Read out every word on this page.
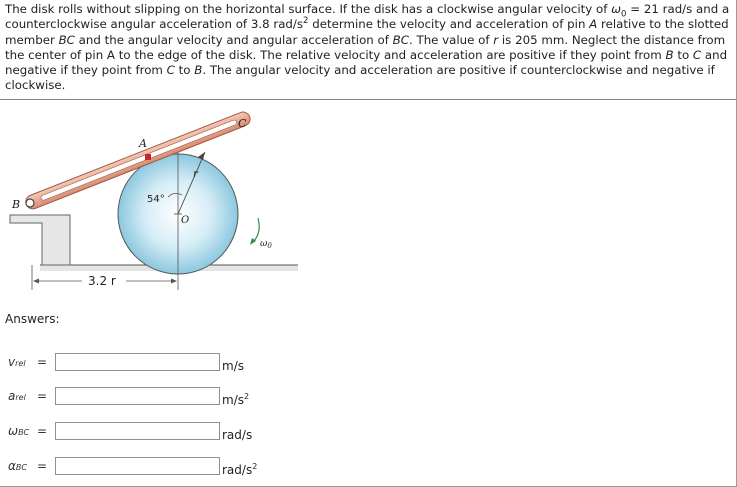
The disk rolls without slipping on the horizontal surface. If the disk has a clockwise angular velocity of $\omega_0 = 21$ rad/s and a counterclockwise angular acceleration of 3.8 rad/$s^2$ determine the velocity and acceleration of pin A relative to the slotted member BC and the angular velocity and angular acceleration of BC. The value of r is 205 mm. Neglect the distance from the center of pin A to the edge of the disk. The relative velocity and acceleration are positive if they point from B to C and negative if they point from C to B. The angular velocity and acceleration are positive if counterclockwise and negative if clockwise.
A
B
C
r
54°
O
$\omega_0$
3.2 r
Answers:
vrel =	m/s
arel =	$m/s^2$
ωBC =	rad/s
αBC =	rad/$s^2$
